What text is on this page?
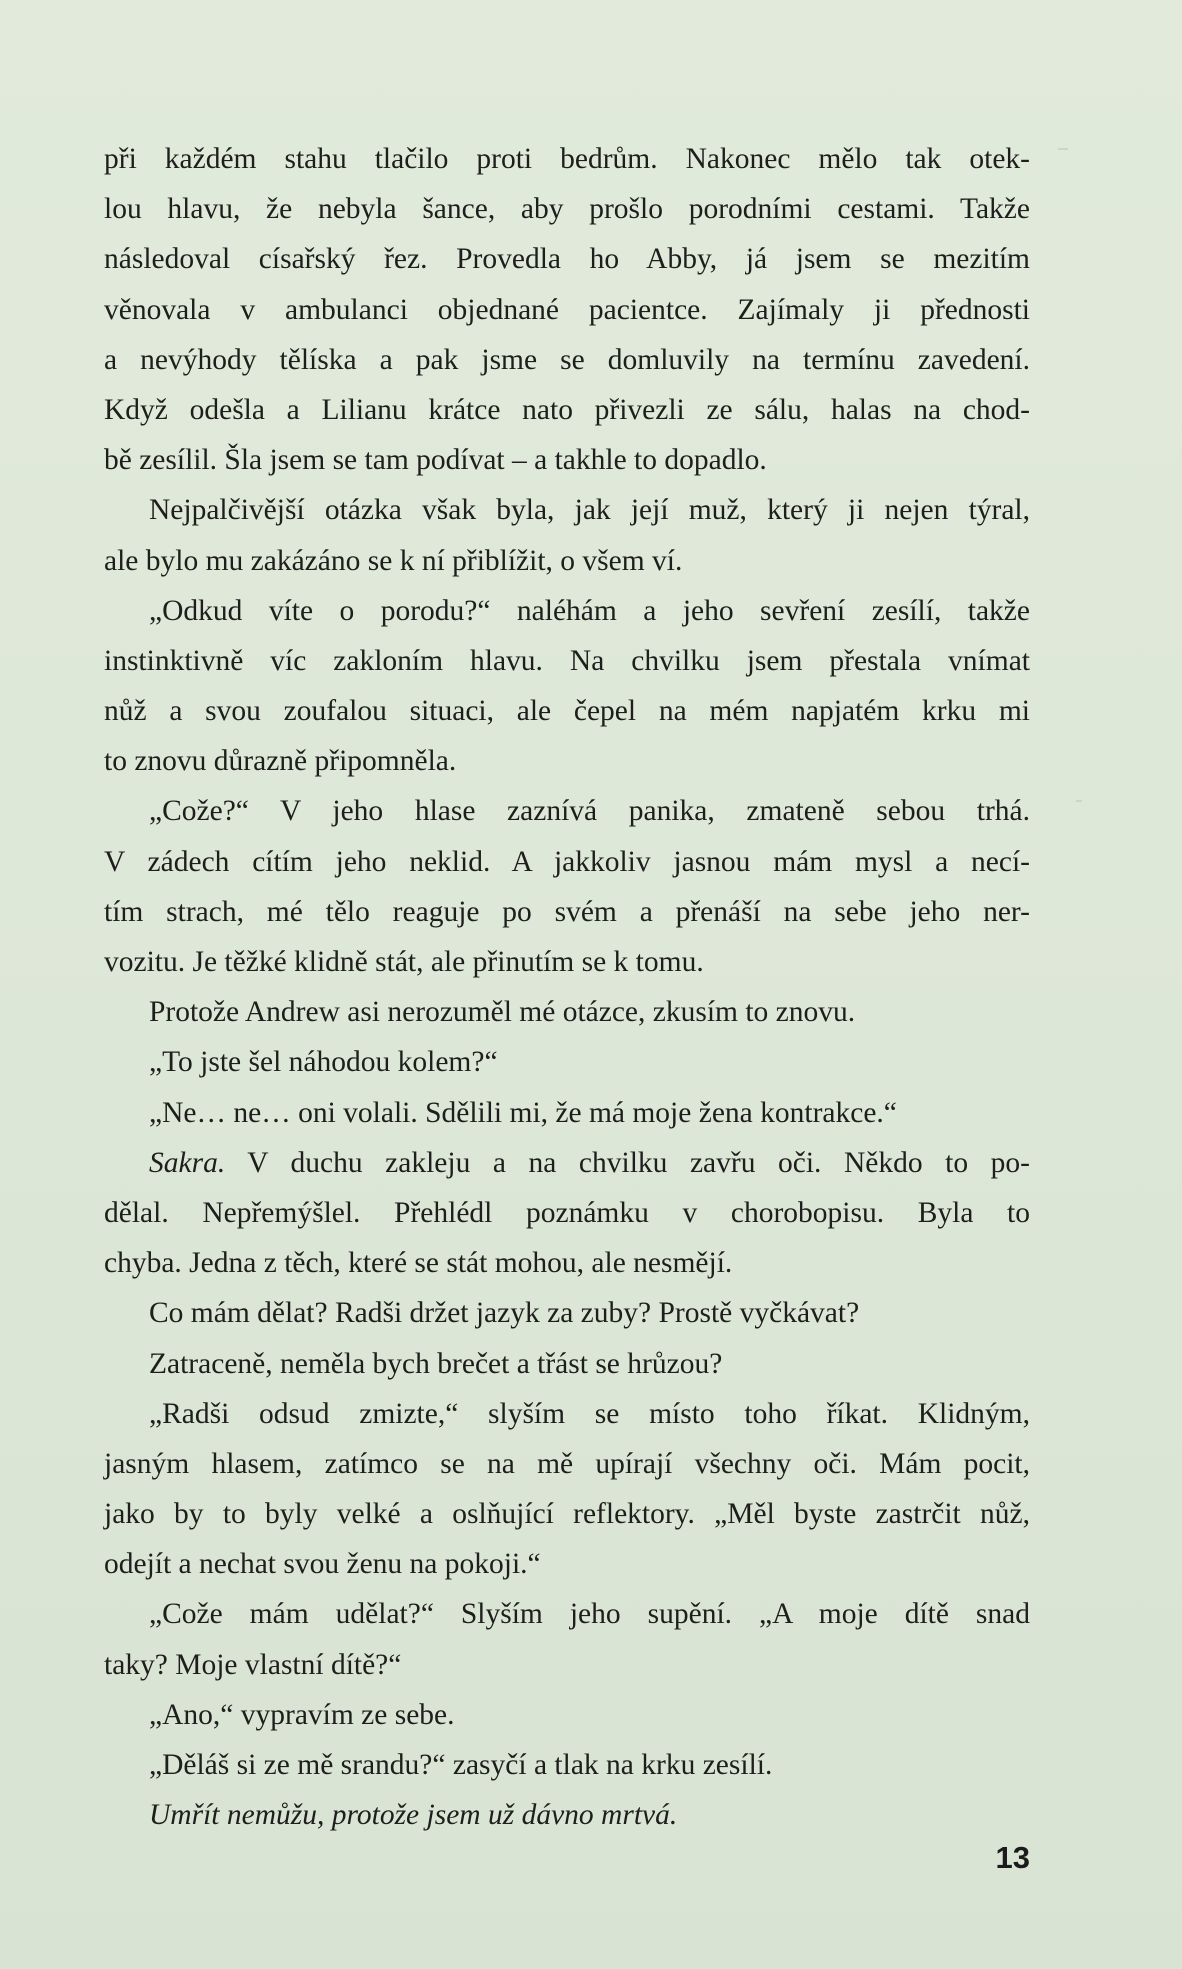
při každém stahu tlačilo proti bedrům. Nakonec mělo tak otek-
lou hlavu, že nebyla šance, aby prošlo porodními cestami. Takže
následoval císařský řez. Provedla ho Abby, já jsem se mezitím
věnovala v ambulanci objednané pacientce. Zajímaly ji přednosti
a nevýhody tělíska a pak jsme se domluvily na termínu zavedení.
Když odešla a Lilianu krátce nato přivezli ze sálu, halas na chod-
bě zesílil. Šla jsem se tam podívat – a takhle to dopadlo.
Nejpalčivější otázka však byla, jak její muž, který ji nejen týral,
ale bylo mu zakázáno se k ní přiblížit, o všem ví.
„Odkud víte o porodu?“ naléhám a jeho sevření zesílí, takže
instinktivně víc zakloním hlavu. Na chvilku jsem přestala vnímat
nůž a svou zoufalou situaci, ale čepel na mém napjatém krku mi
to znovu důrazně připomněla.
„Cože?“ V jeho hlase zaznívá panika, zmateně sebou trhá.
V zádech cítím jeho neklid. A jakkoliv jasnou mám mysl a necí-
tím strach, mé tělo reaguje po svém a přenáší na sebe jeho ner-
vozitu. Je těžké klidně stát, ale přinutím se k tomu.
Protože Andrew asi nerozuměl mé otázce, zkusím to znovu.
„To jste šel náhodou kolem?“
„Ne… ne… oni volali. Sdělili mi, že má moje žena kontrakce.“
Sakra. V duchu zakleju a na chvilku zavřu oči. Někdo to po-
dělal. Nepřemýšlel. Přehlédl poznámku v chorobopisu. Byla to
chyba. Jedna z těch, které se stát mohou, ale nesmějí.
Co mám dělat? Radši držet jazyk za zuby? Prostě vyčkávat?
Zatraceně, neměla bych brečet a třást se hrůzou?
„Radši odsud zmizte,“ slyším se místo toho říkat. Klidným,
jasným hlasem, zatímco se na mě upírají všechny oči. Mám pocit,
jako by to byly velké a oslňující reflektory. „Měl byste zastrčit nůž,
odejít a nechat svou ženu na pokoji.“
„Cože mám udělat?“ Slyším jeho supění. „A moje dítě snad
taky? Moje vlastní dítě?“
„Ano,“ vypravím ze sebe.
„Děláš si ze mě srandu?“ zasyčí a tlak na krku zesílí.
Umřít nemůžu, protože jsem už dávno mrtvá.
13
